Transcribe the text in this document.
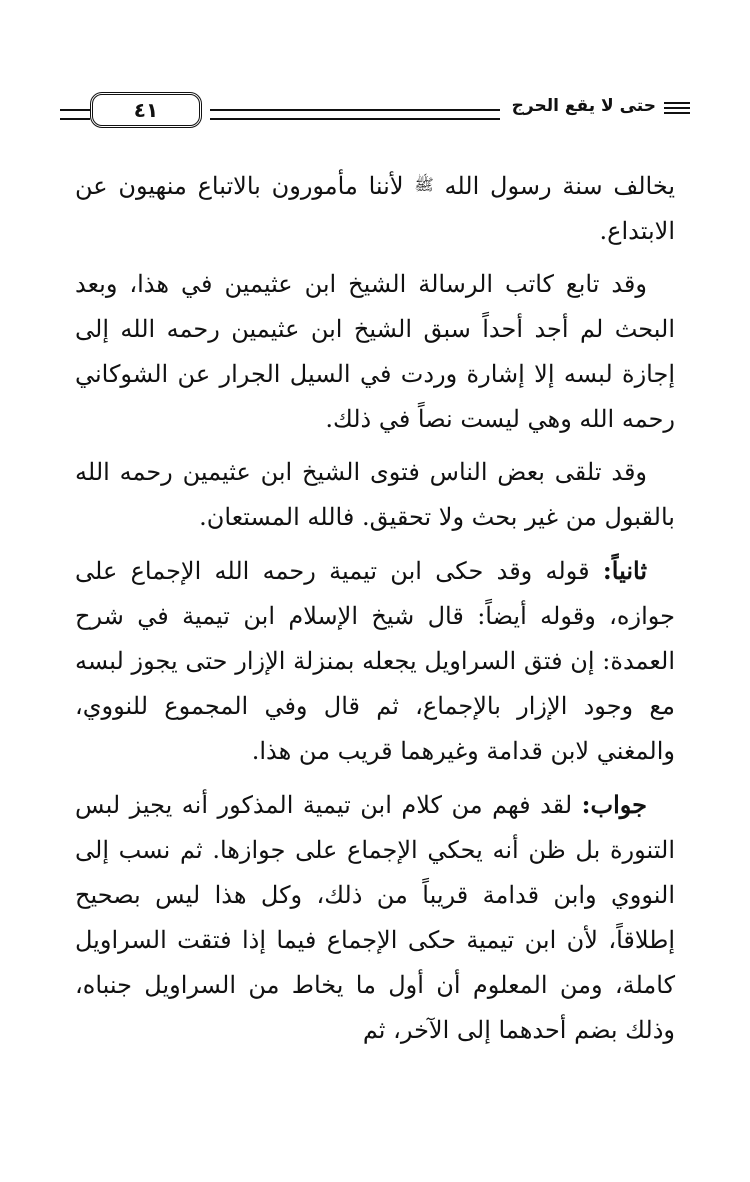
حتى لا يقع الحرج
٤١

يخالف سنة رسول الله ﷺ لأننا مأمورون بالاتباع منهيون عن الابتداع.

وقد تابع كاتب الرسالة الشيخ ابن عثيمين في هذا، وبعد البحث لم أجد أحداً سبق الشيخ ابن عثيمين رحمه الله إلى إجازة لبسه إلا إشارة وردت في السيل الجرار عن الشوكاني رحمه الله وهي ليست نصاً في ذلك.

وقد تلقى بعض الناس فتوى الشيخ ابن عثيمين رحمه الله بالقبول من غير بحث ولا تحقيق. فالله المستعان.

ثانياً: قوله وقد حكى ابن تيمية رحمه الله الإجماع على جوازه، وقوله أيضاً: قال شيخ الإسلام ابن تيمية في شرح العمدة: إن فتق السراويل يجعله بمنزلة الإزار حتى يجوز لبسه مع وجود الإزار بالإجماع، ثم قال وفي المجموع للنووي، والمغني لابن قدامة وغيرهما قريب من هذا.

جواب: لقد فهم من كلام ابن تيمية المذكور أنه يجيز لبس التنورة بل ظن أنه يحكي الإجماع على جوازها. ثم نسب إلى النووي وابن قدامة قريباً من ذلك، وكل هذا ليس بصحيح إطلاقاً، لأن ابن تيمية حكى الإجماع فيما إذا فتقت السراويل كاملة، ومن المعلوم أن أول ما يخاط من السراويل جنباه، وذلك بضم أحدهما إلى الآخر، ثم
